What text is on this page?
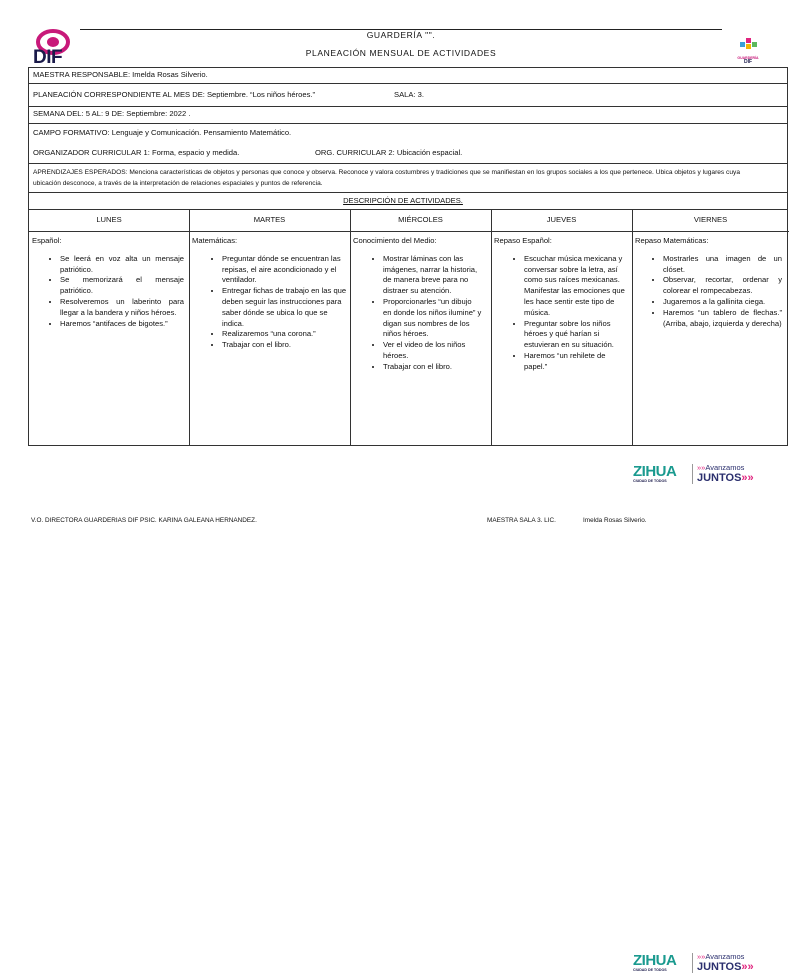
DIF
GUARDERÍA "".
PLANEACIÓN MENSUAL DE ACTIVIDADES	GUARDERÍA
DIF
MAESTRA RESPONSABLE: Imelda Rosas Silverio.
PLANEACIÓN CORRESPONDIENTE AL MES DE: Septiembre. “Los niños héroes.”	SALA: 3.
SEMANA DEL: 5 AL: 9 DE: Septiembre: 2022 .
CAMPO FORMATIVO: Lenguaje y Comunicación. Pensamiento Matemático.
ORGANIZADOR CURRICULAR 1: Forma, espacio y medida.	ORG. CURRICULAR 2: Ubicación espacial.
APRENDIZAJES ESPERADOS: Menciona características de objetos y personas que conoce y observa. Reconoce y valora costumbres y tradiciones que se manifiestan en los grupos sociales a los que pertenece. Ubica objetos y lugares cuya ubicación desconoce, a través de la interpretación de relaciones espaciales y puntos de referencia.
DESCRIPCIÓN DE ACTIVIDADES.
LUNES	MARTES	MIÉRCOLES	JUEVES	VIERNES
Español:
• Se leerá en voz alta un mensaje patriótico.
• Se memorizará el mensaje patriótico.
• Resolveremos un laberinto para llegar a la bandera y niños héroes.
• Haremos “antifaces de bigotes.”
Matemáticas:
• Preguntar dónde se encuentran las repisas, el aire acondicionado y el ventilador.
• Entregar fichas de trabajo en las que deben seguir las instrucciones para saber dónde se ubica lo que se indica.
• Realizaremos “una corona.”
• Trabajar con el libro.
Conocimiento del Medio:
• Mostrar láminas con las imágenes, narrar la historia, de manera breve para no distraer su atención.
• Proporcionarles “un dibujo en donde los niños ilumine” y digan sus nombres de los niños héroes.
• Ver el video de los niños héroes.
• Trabajar con el libro.
Repaso Español:
• Escuchar música mexicana y conversar sobre la letra, así como sus raíces mexicanas. Manifestar las emociones que les hace sentir este tipo de música.
• Preguntar sobre los niños héroes y qué harían si estuvieran en su situación.
• Haremos “un rehilete de papel.”
Repaso Matemáticas:
• Mostrarles una imagen de un clóset.
• Observar, recortar, ordenar y colorear el rompecabezas.
• Jugaremos a la gallinita ciega.
• Haremos “un tablero de flechas.” (Arriba, abajo, izquierda y derecha)
ZIHUA
CIUDAD DE TODOS
»»Avanzamos
JUNTOS»»
V.O. DIRECTORA GUARDERIAS DIF PSIC. KARINA GALEANA HERNANDEZ.	MAESTRA SALA 3. LIC.	Imelda Rosas Silverio.
ZIHUA
CIUDAD DE TODOS
»»Avanzamos
JUNTOS»»
